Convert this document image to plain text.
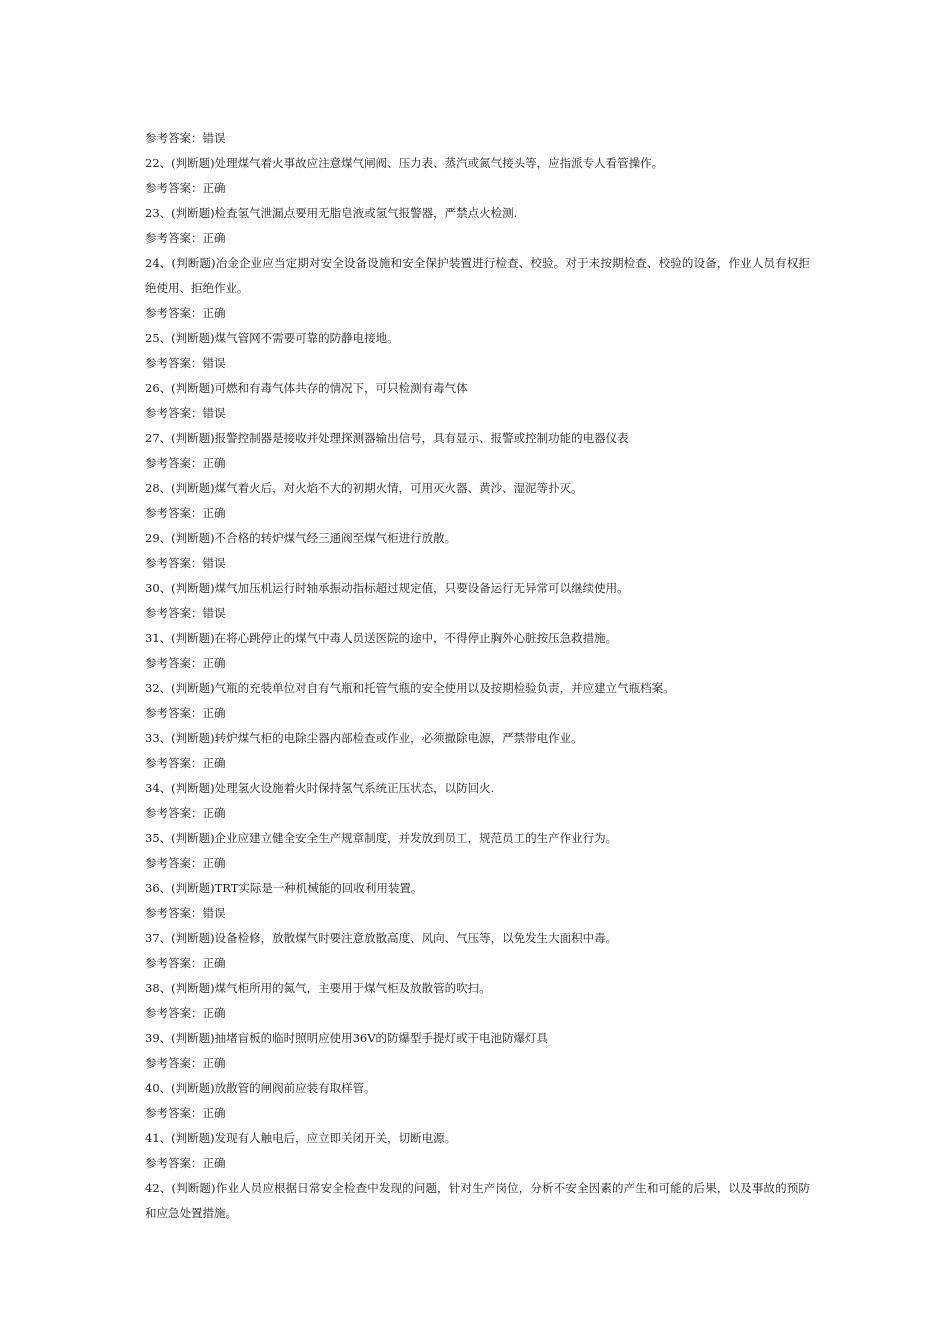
参考答案：错误
22、(判断题)处理煤气着火事故应注意煤气闸阀、压力表、蒸汽或氮气接头等，应指派专人看管操作。
参考答案：正确
23、(判断题)检查氢气泄漏点要用无脂皂液或氢气报警器，严禁点火检测.
参考答案：正确
24、(判断题)冶金企业应当定期对安全设备设施和安全保护装置进行检查、校验。对于未按期检查、校验的设备，作业人员有权拒绝使用、拒绝作业。
参考答案：正确
25、(判断题)煤气管网不需要可靠的防静电接地。
参考答案：错误
26、(判断题)可燃和有毒气体共存的情况下，可只检测有毒气体
参考答案：错误
27、(判断题)报警控制器是接收并处理探测器输出信号，具有显示、报警或控制功能的电器仪表
参考答案：正确
28、(判断题)煤气着火后，对火焰不大的初期火情，可用灭火器、黄沙、湿泥等扑灭。
参考答案：正确
29、(判断题)不合格的转炉煤气经三通阀至煤气柜进行放散。
参考答案：错误
30、(判断题)煤气加压机运行时轴承振动指标超过规定值，只要设备运行无异常可以继续使用。
参考答案：错误
31、(判断题)在将心跳停止的煤气中毒人员送医院的途中，不得停止胸外心脏按压急救措施。
参考答案：正确
32、(判断题)气瓶的充装单位对自有气瓶和托管气瓶的安全使用以及按期检验负责，并应建立气瓶档案。
参考答案：正确
33、(判断题)转炉煤气柜的电除尘器内部检查或作业，必须撤除电源，严禁带电作业。
参考答案：正确
34、(判断题)处理氢火设施着火时保持氢气系统正压状态，以防回火.
参考答案：正确
35、(判断题)企业应建立健全安全生产规章制度，并发放到员工，规范员工的生产作业行为。
参考答案：正确
36、(判断题)TRT实际是一种机械能的回收利用装置。
参考答案：错误
37、(判断题)设备检修，放散煤气时要注意放散高度、风向、气压等，以免发生大面积中毒。
参考答案：正确
38、(判断题)煤气柜所用的氮气，主要用于煤气柜及放散管的吹扫。
参考答案：正确
39、(判断题)抽堵盲板的临时照明应使用36V的防爆型手提灯或干电池防爆灯具
参考答案：正确
40、(判断题)放散管的闸阀前应装有取样管。
参考答案：正确
41、(判断题)发现有人触电后，应立即关闭开关，切断电源。
参考答案：正确
42、(判断题)作业人员应根据日常安全检查中发现的问题，针对生产岗位，分析不安全因素的产生和可能的后果，以及事故的预防和应急处置措施。
